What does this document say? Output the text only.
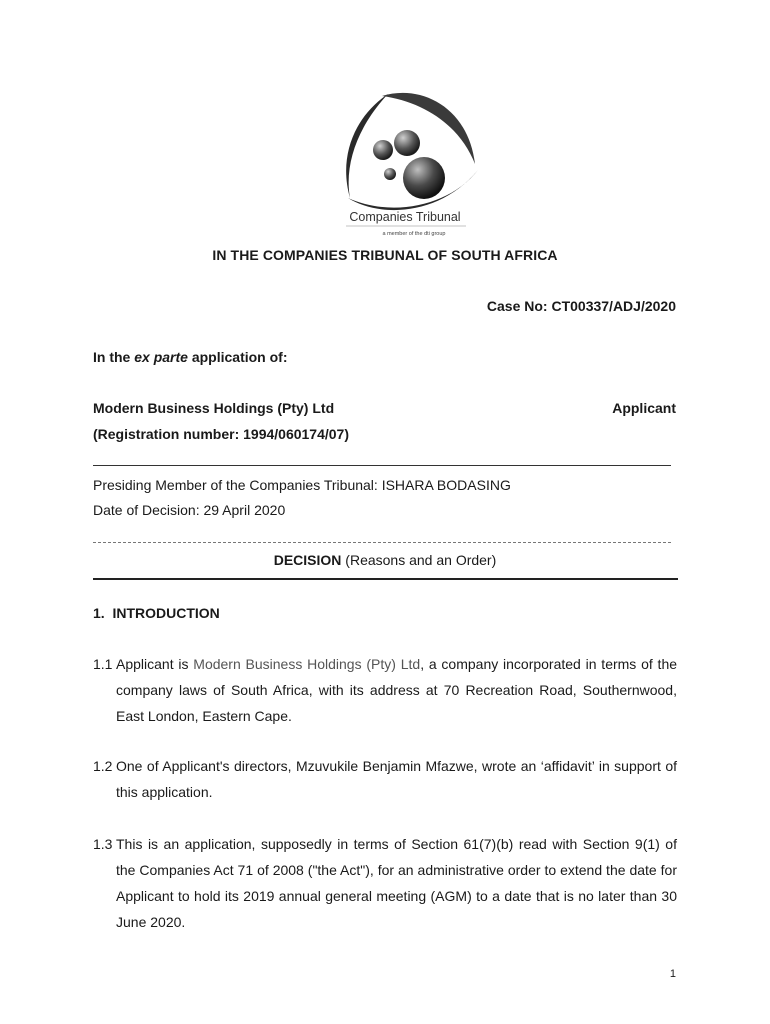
Companies Tribunal
a member of the dti group
IN THE COMPANIES TRIBUNAL OF SOUTH AFRICA
Case No: CT00337/ADJ/2020
In the ex parte application of:
Modern Business Holdings (Pty) Ltd	Applicant
(Registration number: 1994/060174/07)
Presiding Member of the Companies Tribunal: ISHARA BODASING
Date of Decision: 29 April 2020
DECISION (Reasons and an Order)
1. INTRODUCTION
1.1 Applicant is Modern Business Holdings (Pty) Ltd, a company incorporated in terms of the company laws of South Africa, with its address at 70 Recreation Road, Southernwood, East London, Eastern Cape.
1.2 One of Applicant's directors, Mzuvukile Benjamin Mfazwe, wrote an ‘affidavit’ in support of this application.
1.3 This is an application, supposedly in terms of Section 61(7)(b) read with Section 9(1) of the Companies Act 71 of 2008 ("the Act"), for an administrative order to extend the date for Applicant to hold its 2019 annual general meeting (AGM) to a date that is no later than 30 June 2020.
1
